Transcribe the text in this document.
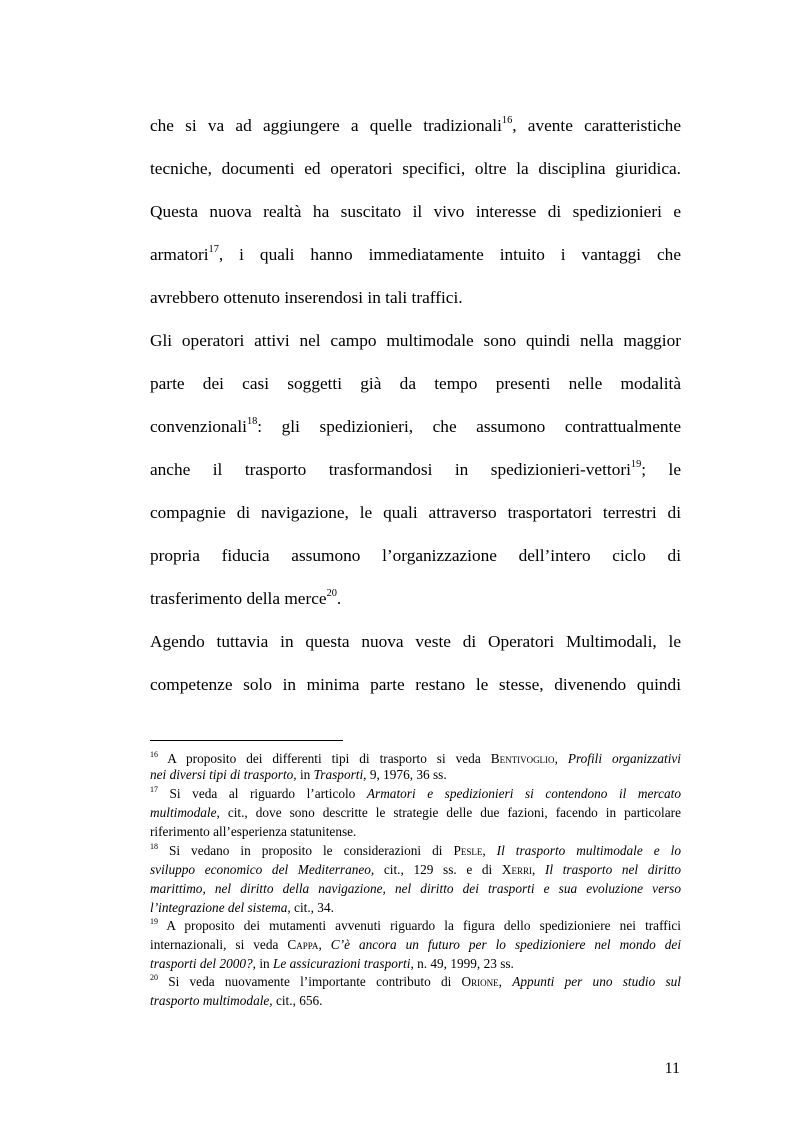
che si va ad aggiungere a quelle tradizionali$^{16}$, avente caratteristiche
tecniche, documenti ed operatori specifici, oltre la disciplina giuridica.
Questa nuova realtà ha suscitato il vivo interesse di spedizionieri e
armatori$^{17}$, i quali hanno immediatamente intuito i vantaggi che
avrebbero ottenuto inserendosi in tali traffici.
Gli operatori attivi nel campo multimodale sono quindi nella maggior
parte dei casi soggetti già da tempo presenti nelle modalità
convenzionali$^{18}$: gli spedizionieri, che assumono contrattualmente
anche il trasporto trasformandosi in spedizionieri-vettori$^{19}$; le
compagnie di navigazione, le quali attraverso trasportatori terrestri di
propria fiducia assumono l’organizzazione dell’intero ciclo di
trasferimento della merce$^{20}$.
Agendo tuttavia in questa nuova veste di Operatori Multimodali, le
competenze solo in minima parte restano le stesse, divenendo quindi
$^{16}$ A proposito dei differenti tipi di trasporto si veda Bentivoglio, Profili organizzativi
nei diversi tipi di trasporto, in Trasporti, 9, 1976, 36 ss.
$^{17}$ Si veda al riguardo l’articolo Armatori e spedizionieri si contendono il mercato
multimodale, cit., dove sono descritte le strategie delle due fazioni, facendo in particolare
riferimento all’esperienza statunitense.
$^{18}$ Si vedano in proposito le considerazioni di Pesle, Il trasporto multimodale e lo
sviluppo economico del Mediterraneo, cit., 129 ss. e di Xerri, Il trasporto nel diritto
marittimo, nel diritto della navigazione, nel diritto dei trasporti e sua evoluzione verso
l’integrazione del sistema, cit., 34.
$^{19}$ A proposito dei mutamenti avvenuti riguardo la figura dello spedizioniere nei traffici
internazionali, si veda Cappa, C’è ancora un futuro per lo spedizioniere nel mondo dei
trasporti del 2000?, in Le assicurazioni trasporti, n. 49, 1999, 23 ss.
$^{20}$ Si veda nuovamente l’importante contributo di Orione, Appunti per uno studio sul
trasporto multimodale, cit., 656.
11
